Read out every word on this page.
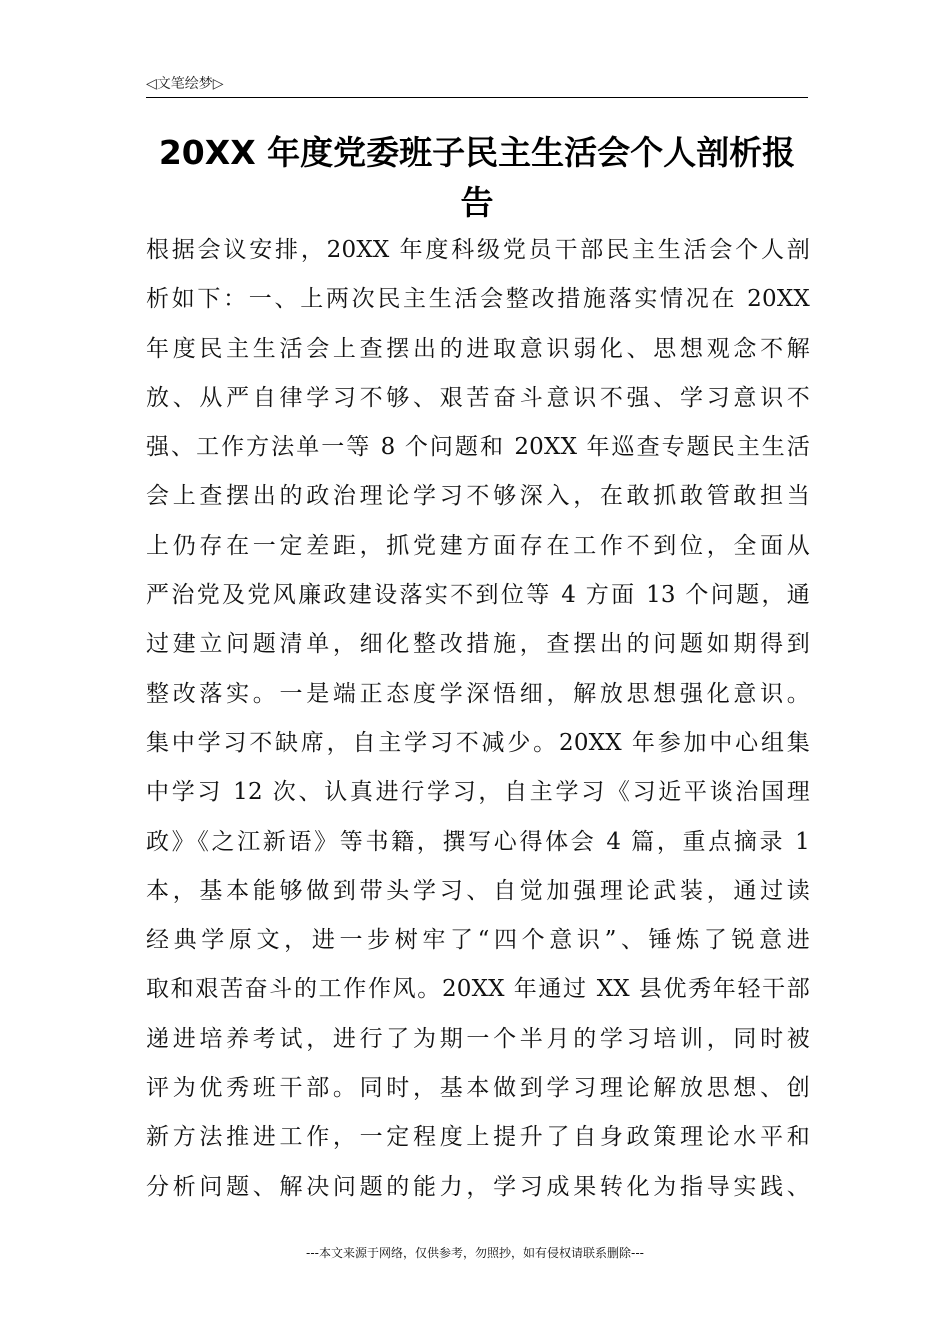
◁文笔绘梦▷
20XX 年度党委班子民主生活会个人剖析报
告
根据会议安排，20XX 年度科级党员干部民主生活会个人剖
析如下：一、上两次民主生活会整改措施落实情况在 20XX
年度民主生活会上查摆出的进取意识弱化、思想观念不解
放、从严自律学习不够、艰苦奋斗意识不强、学习意识不
强、工作方法单一等 8 个问题和 20XX 年巡查专题民主生活
会上查摆出的政治理论学习不够深入，在敢抓敢管敢担当
上仍存在一定差距，抓党建方面存在工作不到位，全面从
严治党及党风廉政建设落实不到位等 4 方面 13 个问题，通
过建立问题清单，细化整改措施，查摆出的问题如期得到
整改落实。一是端正态度学深悟细，解放思想强化意识。
集中学习不缺席，自主学习不减少。20XX 年参加中心组集
中学习 12 次、认真进行学习，自主学习《习近平谈治国理
政》《之江新语》等书籍，撰写心得体会 4 篇，重点摘录 1
本，基本能够做到带头学习、自觉加强理论武装，通过读
经典学原文，进一步树牢了“四个意识”、锤炼了锐意进
取和艰苦奋斗的工作作风。20XX 年通过 XX 县优秀年轻干部
递进培养考试，进行了为期一个半月的学习培训，同时被
评为优秀班干部。同时，基本做到学习理论解放思想、创
新方法推进工作，一定程度上提升了自身政策理论水平和
分析问题、解决问题的能力，学习成果转化为指导实践、
---本文来源于网络，仅供参考，勿照抄，如有侵权请联系删除---
